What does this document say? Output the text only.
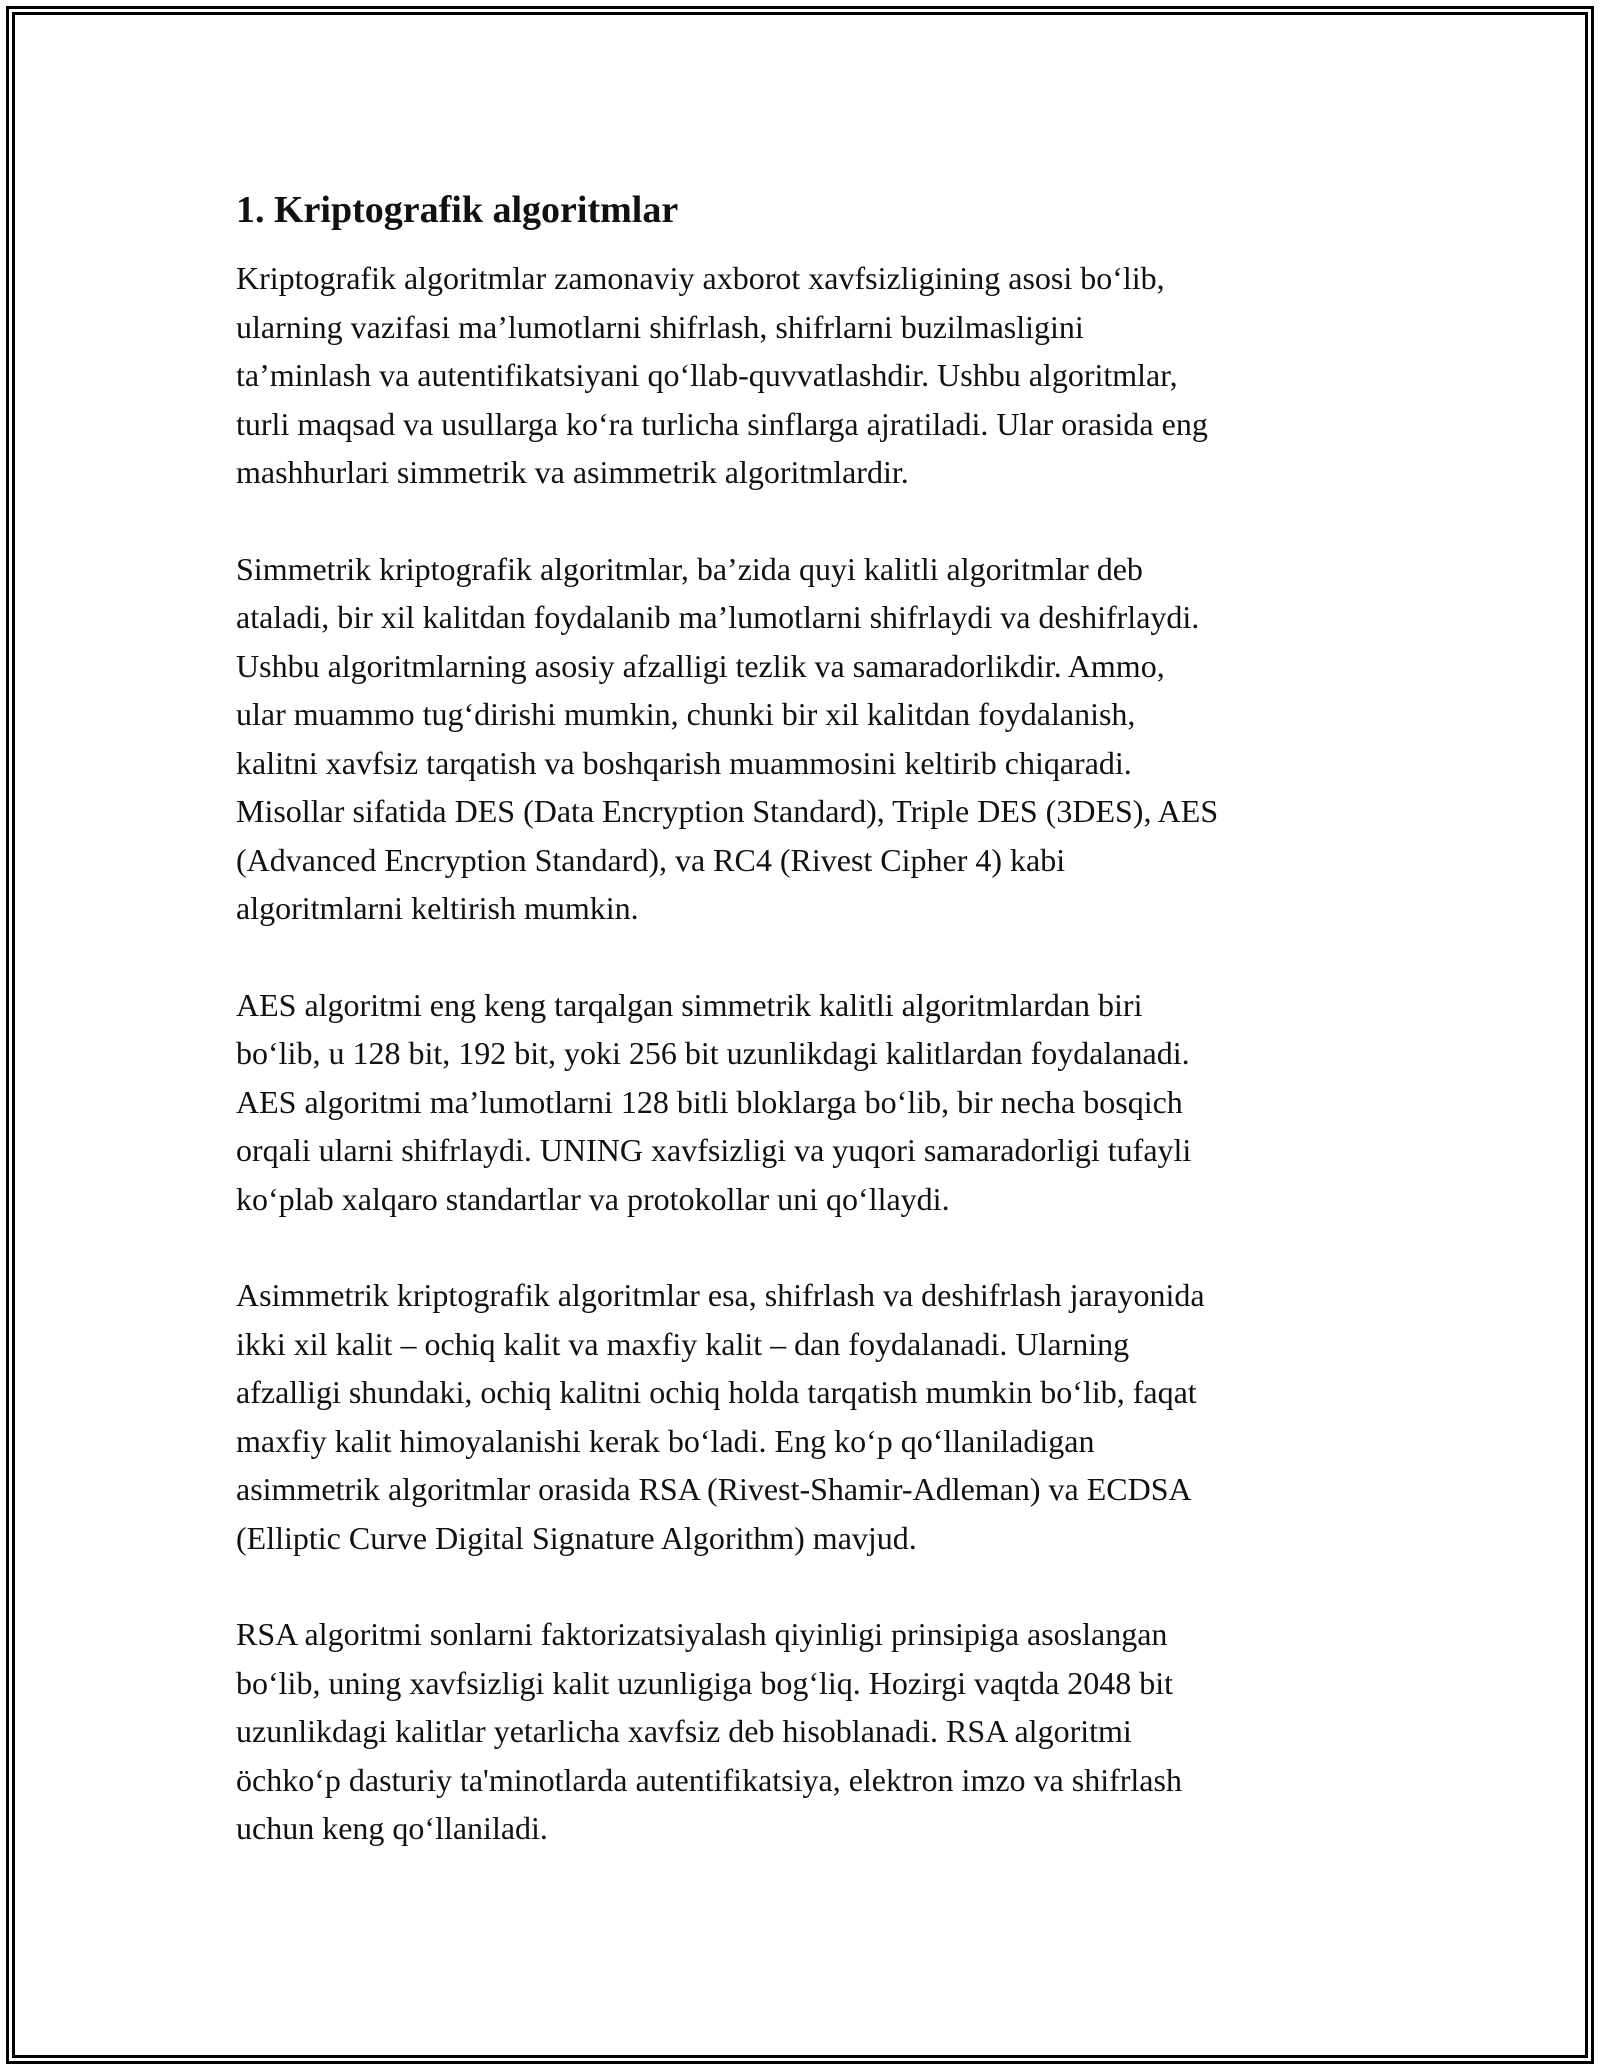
1. Kriptografik algoritmlar

Kriptografik algoritmlar zamonaviy axborot xavfsizligining asosi bo‘lib,
ularning vazifasi ma’lumotlarni shifrlash, shifrlarni buzilmasligini
ta’minlash va autentifikatsiyani qo‘llab-quvvatlashdir. Ushbu algoritmlar,
turli maqsad va usullarga ko‘ra turlicha sinflarga ajratiladi. Ular orasida eng
mashhurlari simmetrik va asimmetrik algoritmlardir.

Simmetrik kriptografik algoritmlar, ba’zida quyi kalitli algoritmlar deb
ataladi, bir xil kalitdan foydalanib ma’lumotlarni shifrlaydi va deshifrlaydi.
Ushbu algoritmlarning asosiy afzalligi tezlik va samaradorlikdir. Ammo,
ular muammo tug‘dirishi mumkin, chunki bir xil kalitdan foydalanish,
kalitni xavfsiz tarqatish va boshqarish muammosini keltirib chiqaradi.
Misollar sifatida DES (Data Encryption Standard), Triple DES (3DES), AES
(Advanced Encryption Standard), va RC4 (Rivest Cipher 4) kabi
algoritmlarni keltirish mumkin.

AES algoritmi eng keng tarqalgan simmetrik kalitli algoritmlardan biri
bo‘lib, u 128 bit, 192 bit, yoki 256 bit uzunlikdagi kalitlardan foydalanadi.
AES algoritmi ma’lumotlarni 128 bitli bloklarga bo‘lib, bir necha bosqich
orqali ularni shifrlaydi. UNING xavfsizligi va yuqori samaradorligi tufayli
ko‘plab xalqaro standartlar va protokollar uni qo‘llaydi.

Asimmetrik kriptografik algoritmlar esa, shifrlash va deshifrlash jarayonida
ikki xil kalit – ochiq kalit va maxfiy kalit – dan foydalanadi. Ularning
afzalligi shundaki, ochiq kalitni ochiq holda tarqatish mumkin bo‘lib, faqat
maxfiy kalit himoyalanishi kerak bo‘ladi. Eng ko‘p qo‘llaniladigan
asimmetrik algoritmlar orasida RSA (Rivest-Shamir-Adleman) va ECDSA
(Elliptic Curve Digital Signature Algorithm) mavjud.

RSA algoritmi sonlarni faktorizatsiyalash qiyinligi prinsipiga asoslangan
bo‘lib, uning xavfsizligi kalit uzunligiga bog‘liq. Hozirgi vaqtda 2048 bit
uzunlikdagi kalitlar yetarlicha xavfsiz deb hisoblanadi. RSA algoritmi
öchko‘p dasturiy ta'minotlarda autentifikatsiya, elektron imzo va shifrlash
uchun keng qo‘llaniladi.
